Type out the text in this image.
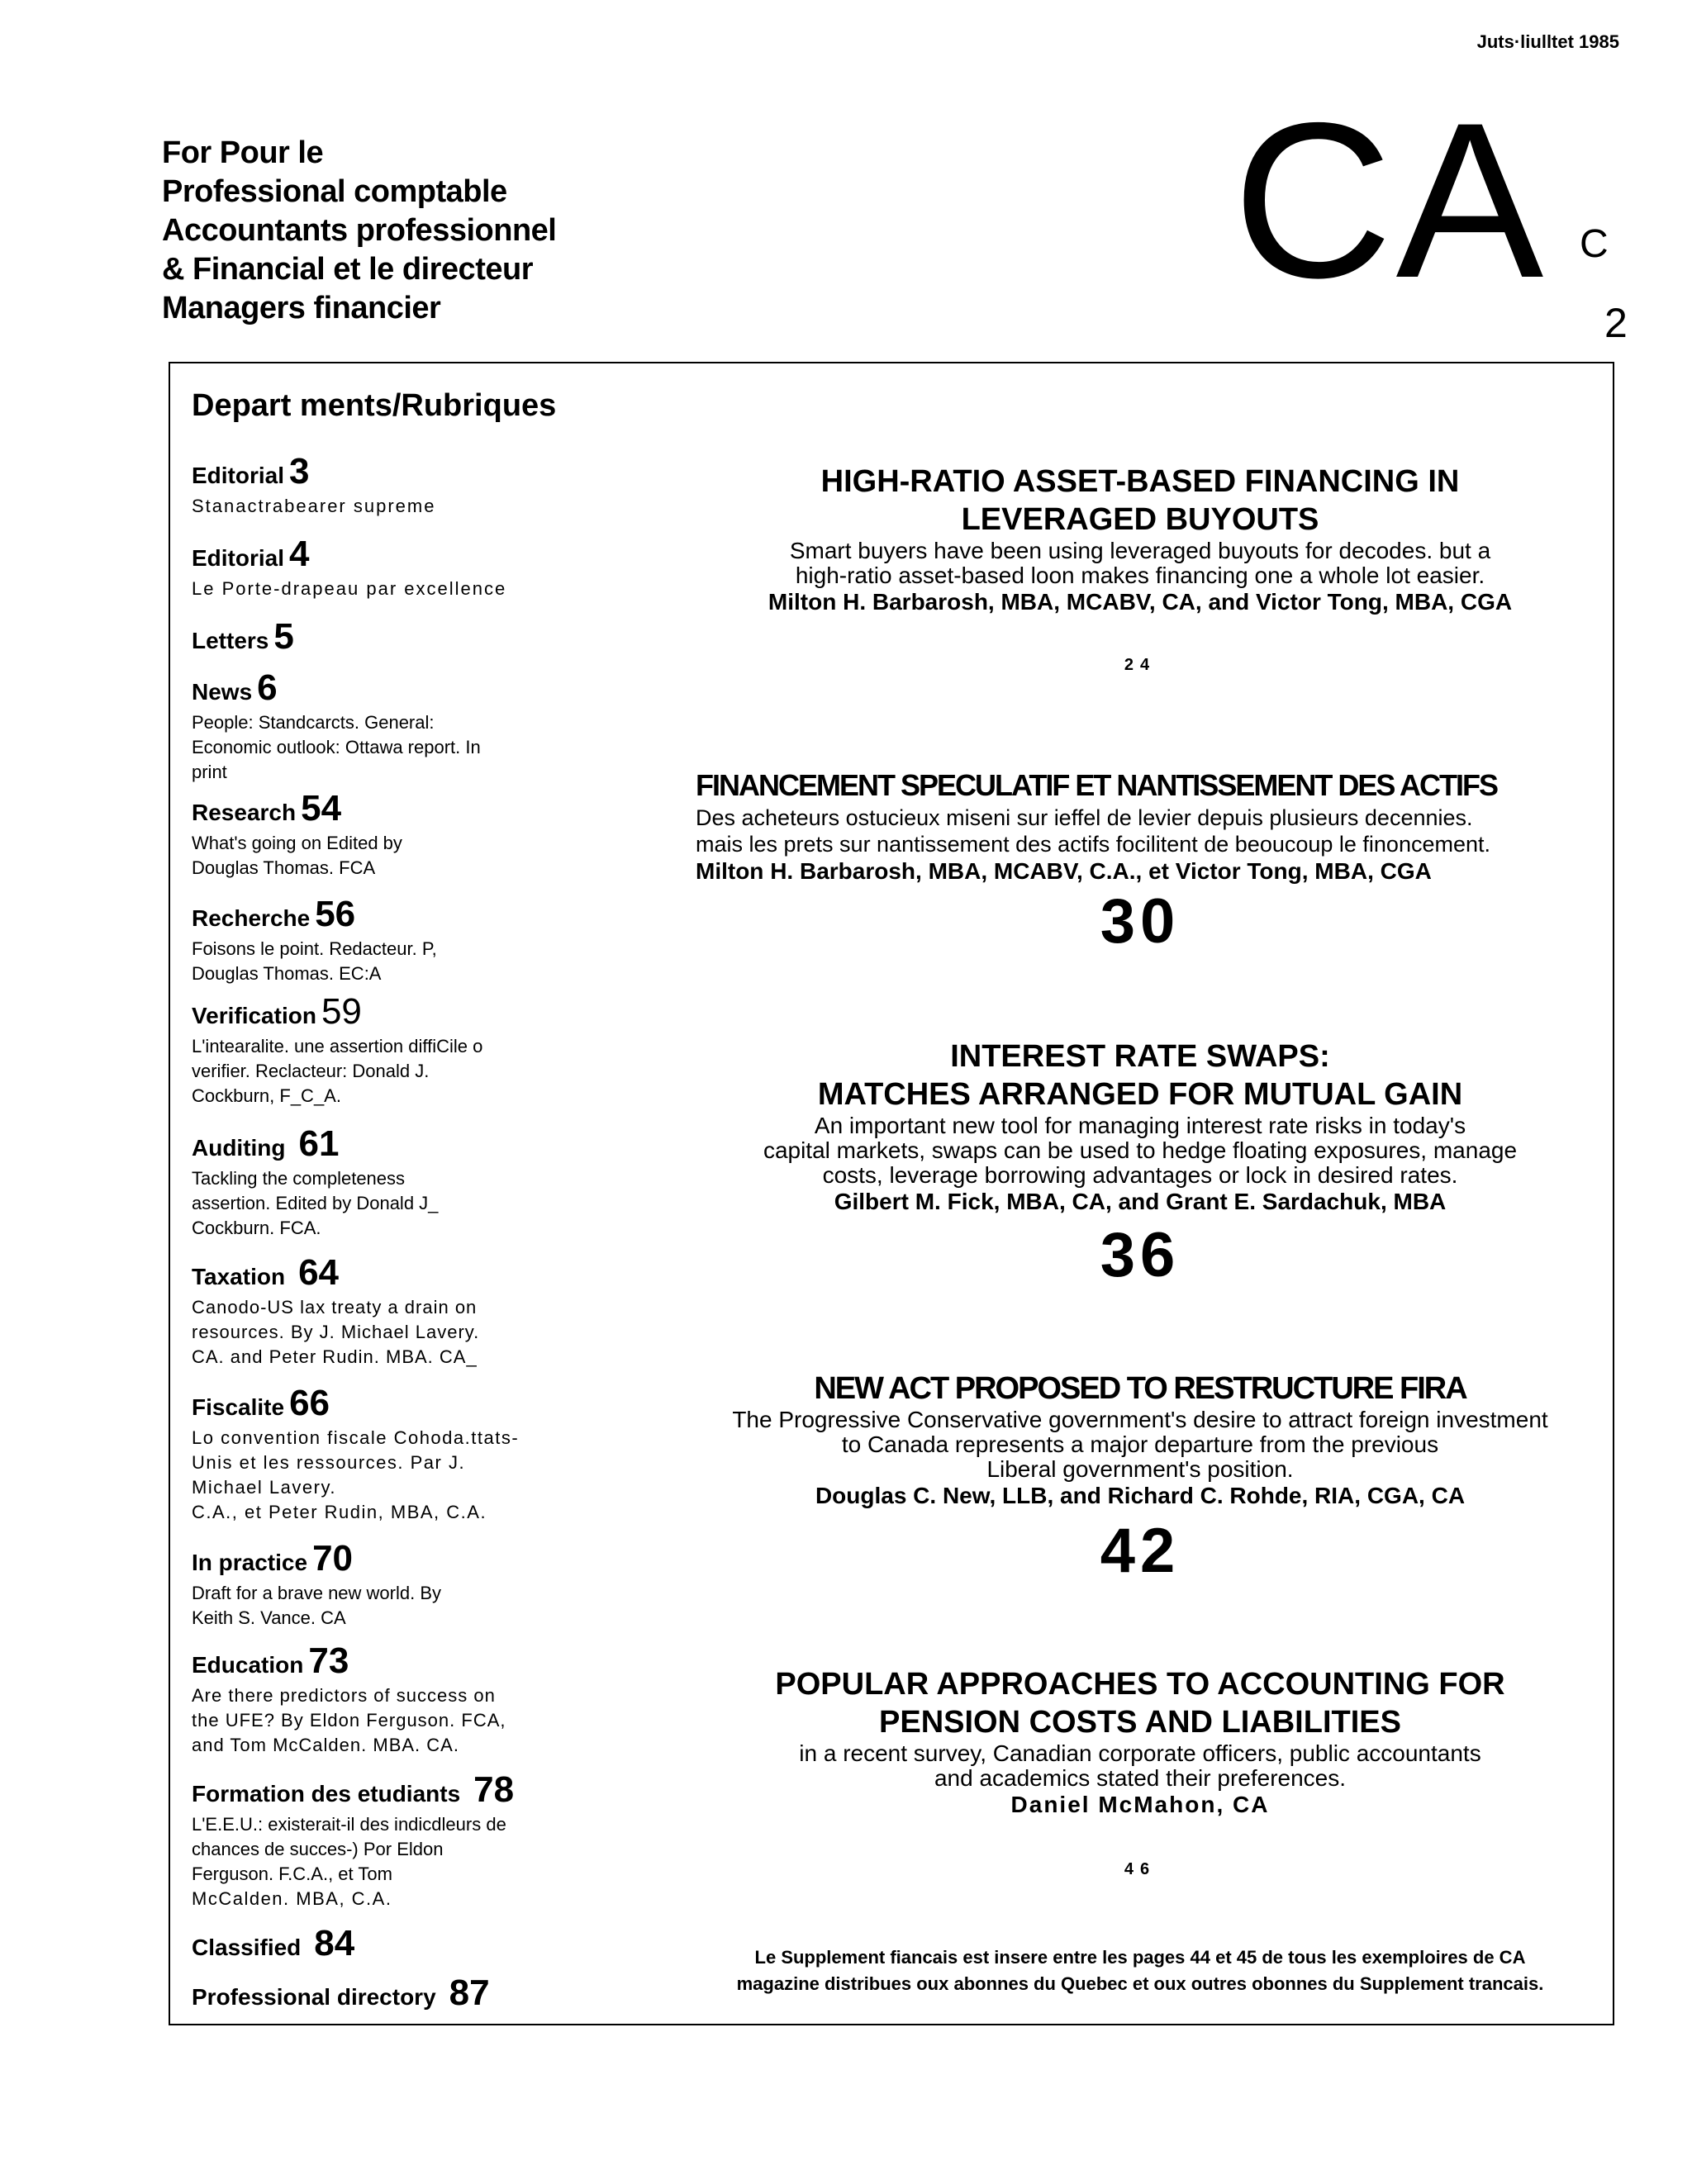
Juts·liulltet 1985
For Pour le
Professional comptable
Accountants professionnel
& Financial et le directeur
Managers financier	CA C
2
Depart ments/Rubriques
Editorial 3
Stanactrabearer supreme
Editorial 4
Le Porte-drapeau par excellence
Letters 5
News 6
People: Standcarcts. General:
Economic outlook: Ottawa report. In
print
Research 54
What's going on Edited by
Douglas Thomas. FCA
Recherche 56
Foisons le point. Redacteur. P,
Douglas Thomas. EC:A
Verification 59
L'intearalite. une assertion diffiCile o
verifier. Reclacteur: Donald J.
Cockburn, F_C_A.
Auditing 61
Tackling the completeness
assertion. Edited by Donald J_
Cockburn. FCA.
Taxation 64
Canodo-US lax treaty a drain on
resources. By J. Michael Lavery.
CA. and Peter Rudin. MBA. CA_
Fiscalite 66
Lo convention fiscale Cohoda.ttats-
Unis et les ressources. Par J.
Michael Lavery.
C.A., et Peter Rudin, MBA, C.A.
In practice 70
Draft for a brave new world. By
Keith S. Vance. CA
Education 73
Are there predictors of success on
the UFE? By Eldon Ferguson. FCA,
and Tom McCalden. MBA. CA.
Formation des etudiants 78
L'E.E.U.: existerait-il des indicdleurs de
chances de succes-) Por Eldon
Ferguson. F.C.A., et Tom
McCalden. MBA, C.A.
Classified 84
Professional directory 87
HIGH-RATIO ASSET-BASED FINANCING IN
LEVERAGED BUYOUTS
Smart buyers have been using leveraged buyouts for decodes. but a
high-ratio asset-based loon makes financing one a whole lot easier.
Milton H. Barbarosh, MBA, MCABV, CA, and Victor Tong, MBA, CGA
24
FINANCEMENT SPECULATIF ET NANTISSEMENT DES ACTIFS
Des acheteurs ostucieux miseni sur ieffel de levier depuis plusieurs decennies.
mais les prets sur nantissement des actifs focilitent de beoucoup le finoncement.
Milton H. Barbarosh, MBA, MCABV, C.A., et Victor Tong, MBA, CGA
30
INTEREST RATE SWAPS:
MATCHES ARRANGED FOR MUTUAL GAIN
An important new tool for managing interest rate risks in today's
capital markets, swaps can be used to hedge floating exposures, manage
costs, leverage borrowing advantages or lock in desired rates.
Gilbert M. Fick, MBA, CA, and Grant E. Sardachuk, MBA
36
NEW ACT PROPOSED TO RESTRUCTURE FIRA
The Progressive Conservative government's desire to attract foreign investment
to Canada represents a major departure from the previous
Liberal government's position.
Douglas C. New, LLB, and Richard C. Rohde, RIA, CGA, CA
42
POPULAR APPROACHES TO ACCOUNTING FOR
PENSION COSTS AND LIABILITIES
in a recent survey, Canadian corporate officers, public accountants
and academics stated their preferences.
Daniel McMahon, CA
46
Le Supplement fiancais est insere entre les pages 44 et 45 de tous les exemploires de CA
magazine distribues oux abonnes du Quebec et oux outres obonnes du Supplement trancais.
